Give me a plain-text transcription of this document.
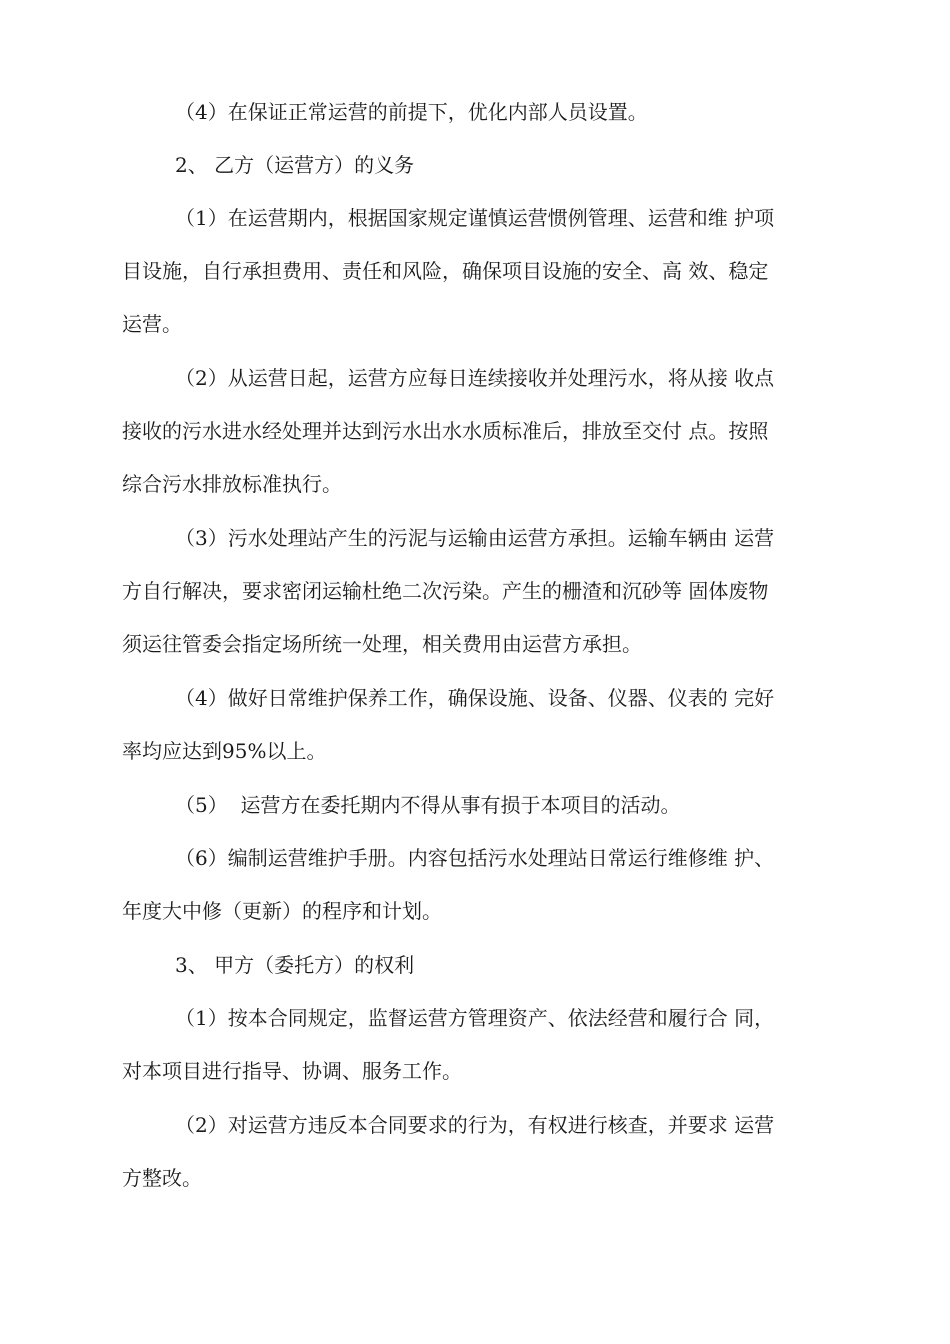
（4）在保证正常运营的前提下，优化内部人员设置。
2、 乙方（运营方）的义务
（1）在运营期内，根据国家规定谨慎运营惯例管理、运营和维 护项
目设施，自行承担费用、责任和风险，确保项目设施的安全、高 效、稳定
运营。
（2）从运营日起，运营方应每日连续接收并处理污水，将从接 收点
接收的污水进水经处理并达到污水出水水质标准后，排放至交付 点。按照
综合污水排放标准执行。
（3）污水处理站产生的污泥与运输由运营方承担。运输车辆由 运营
方自行解决，要求密闭运输杜绝二次污染。产生的栅渣和沉砂等 固体废物
须运往管委会指定场所统一处理，相关费用由运营方承担。
（4）做好日常维护保养工作，确保设施、设备、仪器、仪表的 完好
率均应达到95%以上。
（5）  运营方在委托期内不得从事有损于本项目的活动。
（6）编制运营维护手册。内容包括污水处理站日常运行维修维 护、
年度大中修（更新）的程序和计划。
3、 甲方（委托方）的权利
（1）按本合同规定，监督运营方管理资产、依法经营和履行合 同，
对本项目进行指导、协调、服务工作。
（2）对运营方违反本合同要求的行为，有权进行核查，并要求 运营
方整改。
